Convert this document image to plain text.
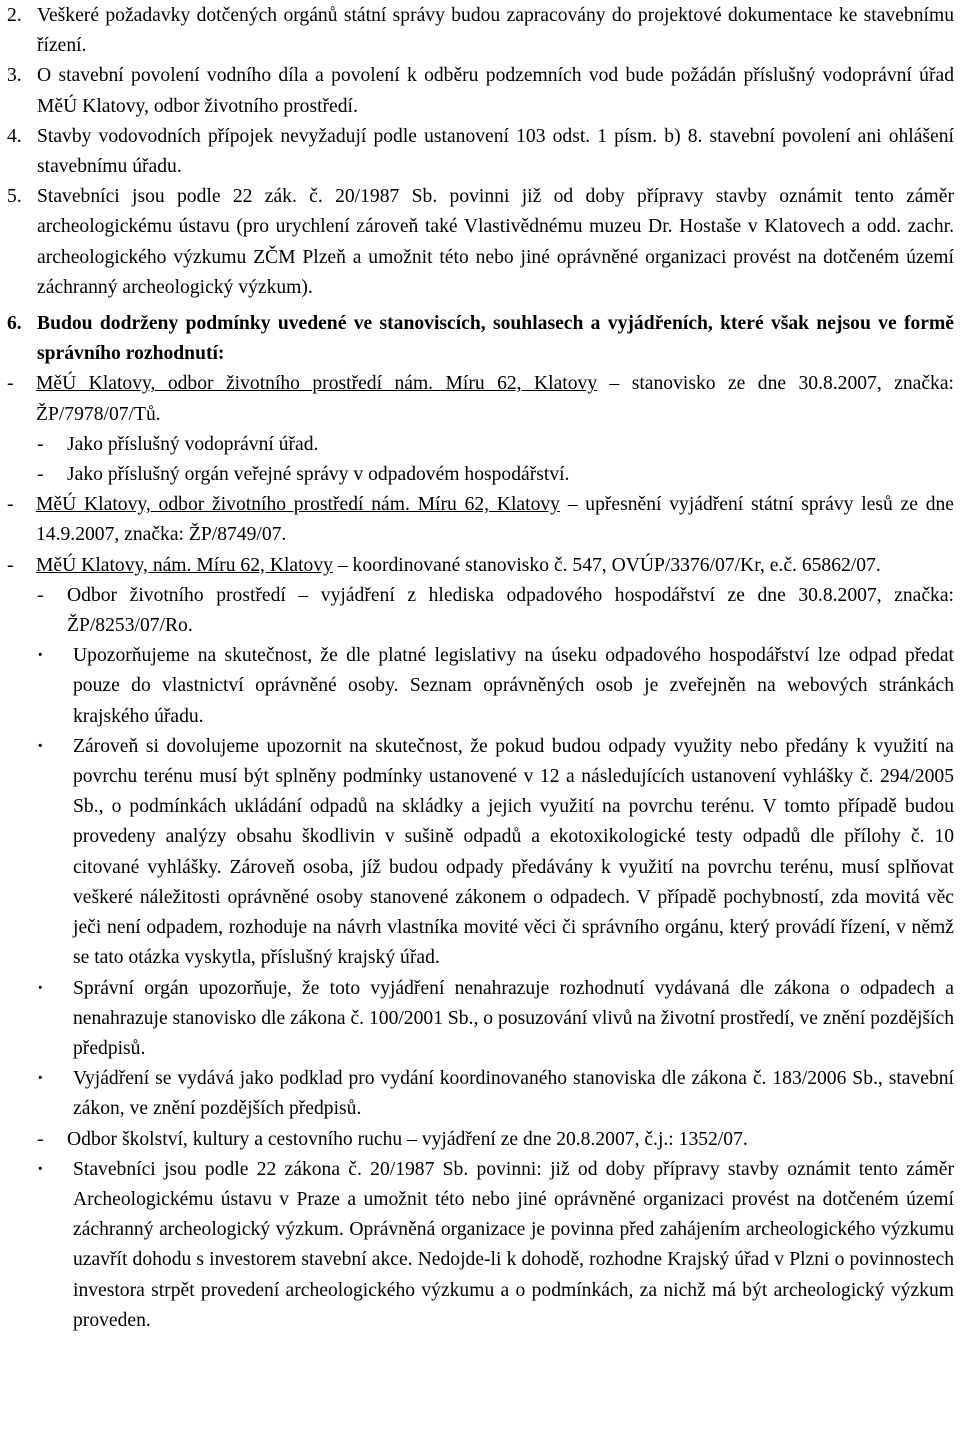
2. Veškeré požadavky dotčených orgánů státní správy budou zapracovány do projektové dokumentace ke stavebnímu řízení.
3. O stavební povolení vodního díla a povolení k odběru podzemních vod bude požádán příslušný vodoprávní úřad MěÚ Klatovy, odbor životního prostředí.
4. Stavby vodovodních přípojek nevyžadují podle ustanovení 103 odst. 1 písm. b) 8. stavební povolení ani ohlášení stavebnímu úřadu.
5. Stavebníci jsou podle 22 zák. č. 20/1987 Sb. povinni již od doby přípravy stavby oznámit tento záměr archeologickému ústavu (pro urychlení zároveň také Vlastivědnému muzeu Dr. Hostaše v Klatovech a odd. zachr. archeologického výzkumu ZČM Plzeň a umožnit této nebo jiné oprávněné organizaci provést na dotčeném území záchranný archeologický výzkum).
6. Budou dodrženy podmínky uvedené ve stanoviscích, souhlasech a vyjádřeních, které však nejsou ve formě správního rozhodnutí:
-	MěÚ Klatovy, odbor životního prostředí nám. Míru 62, Klatovy – stanovisko ze dne 30.8.2007, značka: ŽP/7978/07/Tů.
-	Jako příslušný vodoprávní úřad.
-	Jako příslušný orgán veřejné správy v odpadovém hospodářství.
-	MěÚ Klatovy, odbor životního prostředí nám. Míru 62, Klatovy – upřesnění vyjádření státní správy lesů ze dne 14.9.2007, značka: ŽP/8749/07.
-	MěÚ Klatovy, nám. Míru 62, Klatovy – koordinované stanovisko č. 547, OVÚP/3376/07/Kr, e.č. 65862/07.
-	Odbor životního prostředí – vyjádření z hlediska odpadového hospodářství ze dne 30.8.2007, značka: ŽP/8253/07/Ro.
·	Upozorňujeme na skutečnost, že dle platné legislativy na úseku odpadového hospodářství lze odpad předat pouze do vlastnictví oprávněné osoby. Seznam oprávněných osob je zveřejněn na webových stránkách krajského úřadu.
·	Zároveň si dovolujeme upozornit na skutečnost, že pokud budou odpady využity nebo předány k využití na povrchu terénu musí být splněny podmínky ustanovené v 12 a následujících ustanovení vyhlášky č. 294/2005 Sb., o podmínkách ukládání odpadů na skládky a jejich využití na povrchu terénu. V tomto případě budou provedeny analýzy obsahu škodlivin v sušině odpadů a ekotoxikologické testy odpadů dle přílohy č. 10 citované vyhlášky. Zároveň osoba, jíž budou odpady předávány k využití na povrchu terénu, musí splňovat veškeré náležitosti oprávněné osoby stanovené zákonem o odpadech. V případě pochybností, zda movitá věc ječi není odpadem, rozhoduje na návrh vlastníka movité věci či správního orgánu, který provádí řízení, v němž se tato otázka vyskytla, příslušný krajský úřad.
·	Správní orgán upozorňuje, že toto vyjádření nenahrazuje rozhodnutí vydávaná dle zákona o odpadech a nenahrazuje stanovisko dle zákona č. 100/2001 Sb., o posuzování vlivů na životní prostředí, ve znění pozdějších předpisů.
·	Vyjádření se vydává jako podklad pro vydání koordinovaného stanoviska dle zákona č. 183/2006 Sb., stavební zákon, ve znění pozdějších předpisů.
-	Odbor školství, kultury a cestovního ruchu – vyjádření ze dne 20.8.2007, č.j.: 1352/07.
·	Stavebníci jsou podle 22 zákona č. 20/1987 Sb. povinni: již od doby přípravy stavby oznámit tento záměr Archeologickému ústavu v Praze a umožnit této nebo jiné oprávněné organizaci provést na dotčeném území záchranný archeologický výzkum. Oprávněná organizace je povinna před zahájením archeologického výzkumu uzavřít dohodu s investorem stavební akce. Nedojde-li k dohodě, rozhodne Krajský úřad v Plzni o povinnostech investora strpět provedení archeologického výzkumu a o podmínkách, za nichž má být archeologický výzkum proveden.
